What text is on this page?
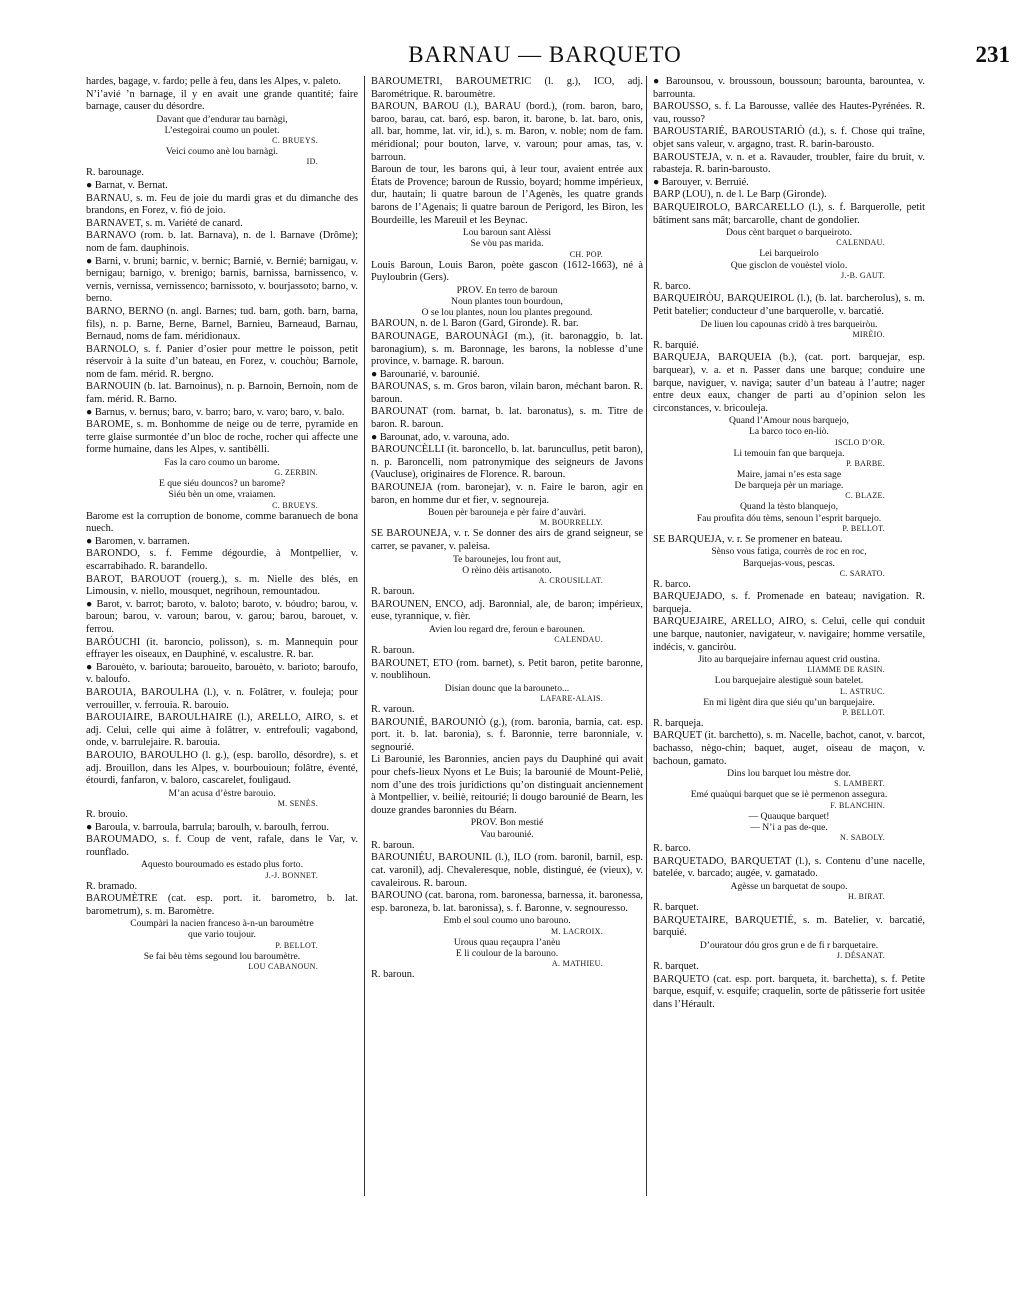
BARNAU — BARQUETO	231

hardes, bagage, v. fardo; pelle à feu, dans les Alpes, v. paleto.

N’i’avié ’n barnage, il y en avait une grande quantité; faire barnage, causer du désordre.

Davant que d’endurar tau barnàgi,

L’estegoirai coumo un poulet.

C. BRUEYS.

Veici coumo anè lou barnàgi.

ID.

R. barounage.

● Barnat, v. Bernat.

BARNAU, s. m. Feu de joie du mardi gras et du dimanche des brandons, en Forez, v. fió de joio.

BARNAVET, s. m. Variété de canard.

BARNAVO (rom. b. lat. Barnava), n. de l. Barnave (Drôme); nom de fam. dauphinois.

● Barni, v. bruni; barnic, v. bernic; Barnié, v. Bernié; barnigau, v. bernigau; barnigo, v. brenigo; barnis, barnissa, barnissenco, v. vernis, vernissa, vernissenco; barnissoto, v. bourjassoto; barno, v. berno.

BARNO, BERNO (n. angl. Barnes; tud. barn, goth. barn, barna, fils), n. p. Barne, Berne, Barnel, Barnieu, Barneaud, Barnau, Bernaud, noms de fam. méridionaux.

BARNOLO, s. f. Panier d’osier pour mettre le poisson, petit réservoir à la suite d’un bateau, en Forez, v. couchòu; Barnole, nom de fam. mérid. R. bergno.

BARNOUIN (b. lat. Barnoinus), n. p. Barnoin, Bernoin, nom de fam. mérid. R. Barno.

● Barnus, v. bernus; baro, v. barro; baro, v. varo; baro, v. balo.

BAROME, s. m. Bonhomme de neige ou de terre, pyramide en terre glaise surmontée d’un bloc de roche, rocher qui affecte une forme humaine, dans les Alpes, v. santibèlli.

Fas la caro coumo un barome.

G. ZERBIN.

E que siéu douncos? un barome?

Siéu bèn un ome, vraiamen.

C. BRUEYS.

Barome est la corruption de bonome, comme baranuech de bona nuech.

● Baromen, v. barramen.

BARONDO, s. f. Femme dégourdie, à Montpellier, v. escarrabihado. R. barandello.

BAROT, BAROUOT (rouerg.), s. m. Nielle des blés, en Limousin, v. niello, mousquet, negrihoun, remountadou.

● Barot, v. barrot; baroto, v. baloto; baroto, v. bóudro; barou, v. baroun; barou, v. varoun; barou, v. garou; barou, barouet, v. ferrou.

BARÓUCHI (it. baroncio, polisson), s. m. Mannequin pour effrayer les oiseaux, en Dauphiné, v. escalustre. R. bar.

● Barouèto, v. bariouta; baroueito, barouèto, v. barioto; baroufo, v. baloufo.

BAROUIA, BAROULHA (l.), v. n. Folâtrer, v. fouleja; pour verrouiller, v. ferrouia. R. barouio.

BAROUIAIRE, BAROULHAIRE (l.), ARELLO, AIRO, s. et adj. Celui, celle qui aime à folâtrer, v. entrefouli; vagabond, onde, v. barrulejaire. R. barouia.

BAROUIO, BAROULHO (l. g.), (esp. barollo, désordre), s. et adj. Brouillon, dans les Alpes, v. bourbouioun; folâtre, éventé, étourdi, fanfaron, v. baloro, cascarelet, fouligaud.

M’an acusa d’èstre barouio.

M. SENÈS.

R. brouio.

● Baroula, v. barroula, barrula; baroulh, v. baroulh, ferrou.

BAROUMADO, s. f. Coup de vent, rafale, dans le Var, v. rounflado.

Aquesto bouroumado es estado plus forto.

J.-J. BONNET.

R. bramado.

BAROUMÈTRE (cat. esp. port. it. barometro, b. lat. barometrum), s. m. Baromètre.

Coumpàri la nacien franceso à-n-un baroumètre

que vario toujour.

P. BELLOT.

Se fai bèu tèms segound lou baroumètre.

LOU CABANOUN.

BAROUMETRI, BAROUMETRIC (l. g.), ICO, adj. Barométrique. R. baroumètre.

BAROUN, BAROU (l.), BARAU (bord.), (rom. baron, baro, baroo, barau, cat. baró, esp. baron, it. barone, b. lat. baro, onis, all. bar, homme, lat. vir, id.), s. m. Baron, v. noble; nom de fam. méridional; pour bouton, larve, v. varoun; pour amas, tas, v. barroun.

Baroun de tour, les barons qui, à leur tour, avaient entrée aux États de Provence; baroun de Russio, boyard; homme impérieux, dur, hautain; li quatre baroun de l’Agenès, les quatre grands barons de l’Agenais; li quatre baroun de Perigord, les Biron, les Bourdeille, les Mareuil et les Beynac.

Lou baroun sant Alèssi

Se vòu pas marida.

CH. POP.

Louis Baroun, Louis Baron, poète gascon (1612-1663), né à Puyloubrin (Gers).

PROV. En terro de baroun

Noun plantes toun bourdoun,

O se lou plantes, noun lou plantes pregound.

BAROUN, n. de l. Baron (Gard, Gironde). R. bar.

BAROUNAGE, BAROUNÀGI (m.), (it. baronaggio, b. lat. baronagium), s. m. Baronnage, les barons, la noblesse d’une province, v. barnage. R. baroun.

● Barounarié, v. barounié.

BAROUNAS, s. m. Gros baron, vilain baron, méchant baron. R. baroun.

BAROUNAT (rom. barnat, b. lat. baronatus), s. m. Titre de baron. R. baroun.

● Barounat, ado, v. varouna, ado.

BAROUNCÈLLI (it. baroncello, b. lat. baruncullus, petit baron), n. p. Baroncelli, nom patronymique des seigneurs de Javons (Vaucluse), originaires de Florence. R. baroun.

BAROUNEJA (rom. baronejar), v. n. Faire le baron, agir en baron, en homme dur et fier, v. segnoureja.

Bouen pèr barouneja e pèr faire d’auvàri.

M. BOURRELLY.

SE BAROUNEJA, v. r. Se donner des airs de grand seigneur, se carrer, se pavaner, v. paleisa.

Te barounejes, lou front aut,

O rèino dèis artisanoto.

A. CROUSILLAT.

R. baroun.

BAROUNEN, ENCO, adj. Baronnial, ale, de baron; impérieux, euse, tyrannique, v. fièr.

Avien lou regard dre, feroun e barounen.

CALENDAU.

R. baroun.

BAROUNET, ETO (rom. barnet), s. Petit baron, petite baronne, v. noublihoun.

Disian dounc que la barouneto...

LAFARE-ALAIS.

R. varoun.

BAROUNIÉ, BAROUNIÒ (g.), (rom. baronia, barnia, cat. esp. port. it. b. lat. baronia), s. f. Baronnie, terre baronniale, v. segnourié.

Li Barounié, les Baronnies, ancien pays du Dauphiné qui avait pour chefs-lieux Nyons et Le Buis; la barounié de Mount-Peliè, nom d’une des trois juridictions qu’on distinguait anciennement à Montpellier, v. beiliè, reitourié; li dougo barounié de Bearn, les douze grandes baronnies du Béarn.

PROV. Bon mestié

Vau barounié.

R. baroun.

BAROUNIÉU, BAROUNIL (l.), ILO (rom. baronil, barnil, esp. cat. varonil), adj. Chevaleresque, noble, distingué, ée (vieux), v. cavaleirous. R. baroun.

BAROUNO (cat. barona, rom. baronessa, barnessa, it. baronessa, esp. baroneza, b. lat. baronissa), s. f. Baronne, v. segnouresso.

Emb el soul coumo uno barouno.

M. LACROIX.

Urous quau reçaupra l’anèu

E li coulour de la barouno.

A. MATHIEU.

R. baroun.

● Barounsou, v. broussoun, boussoun; barounta, barountea, v. barrounta.

BAROUSSO, s. f. La Barousse, vallée des Hautes-Pyrénées. R. vau, rousso?

BAROUSTARIÉ, BAROUSTARIÒ (d.), s. f. Chose qui traîne, objet sans valeur, v. argagno, trast. R. barin-barousto.

BAROUSTEJA, v. n. et a. Ravauder, troubler, faire du bruit, v. rabasteja. R. barin-barousto.

● Barouyer, v. Berruié.

BARP (LOU), n. de l. Le Barp (Gironde).

BARQUEIROLO, BARCARELLO (l.), s. f. Barquerolle, petit bâtiment sans mât; barcarolle, chant de gondolier.

Dous cènt barquet o barqueiroto.

CALENDAU.

Lei barqueirolo

Que gisclon de vouèstel violo.

J.-B. GAUT.

R. barco.

BARQUEIRÒU, BARQUEIROL (l.), (b. lat. barcherolus), s. m. Petit batelier; conducteur d’une barquerolle, v. barcatié.

De liuen lou capounas cridò à tres barqueiròu.

MIRÈIO.

R. barquié.

BARQUEJA, BARQUEIA (b.), (cat. port. barquejar, esp. barquear), v. a. et n. Passer dans une barque; conduire une barque, naviguer, v. naviga; sauter d’un bateau à l’autre; nager entre deux eaux, changer de parti au d’opinion selon les circonstances, v. bricouleja.

Quand l’Amour nous barquejo,

La barco toco en-liò.

ISCLO D’OR.

Li temouin fan que barqueja.

P. BARBE.

Maire, jamai n’es esta sage

De barqueja pèr un mariage.

C. BLAZE.

Quand la tèsto blanquejo,

Fau proufita dóu tèms, senoun l’esprit barquejo.

P. BELLOT.

SE BARQUEJA, v. r. Se promener en bateau.

Sènso vous fatiga, courrès de roc en roc,

Barquejas-vous, pescas.

C. SARATO.

R. barco.

BARQUEJADO, s. f. Promenade en bateau; navigation. R. barqueja.

BARQUEJAIRE, ARELLO, AIRO, s. Celui, celle qui conduit une barque, nautonier, navigateur, v. navigaire; homme versatile, indécis, v. ganciròu.

Jito au barquejaire infernau aquest crid oustina.

LIAMME DE RASIN.

Lou barquejaire alestiguè soun batelet.

L. ASTRUC.

En mi ligènt dira que siéu qu’un barquejaire.

P. BELLOT.

R. barqueja.

BARQUET (it. barchetto), s. m. Nacelle, bachot, canot, v. barcot, bachasso, nègo-chin; baquet, auget, oiseau de maçon, v. bachoun, gamato.

Dins lou barquet lou mèstre dor.

S. LAMBERT.

Emé quaùqui barquet que se iè permenon assegura.

F. BLANCHIN.

— Quauque barquet!

— N’i a pas de-que.

N. SABOLY.

R. barco.

BARQUETADO, BARQUETAT (l.), s. Contenu d’une nacelle, batelée, v. barcado; augée, v. gamatado.

Agèsse un barquetat de soupo.

H. BIRAT.

R. barquet.

BARQUETAIRE, BARQUETIÉ, s. m. Batelier, v. barcatié, barquié.

D’ouratour dóu gros grun e de fi r barquetaire.

J. DÉSANAT.

R. barquet.

BARQUETO (cat. esp. port. barqueta, it. barchetta), s. f. Petite barque, esquif, v. esquife; craquelin, sorte de pâtisserie fort usitée dans l’Hérault.
